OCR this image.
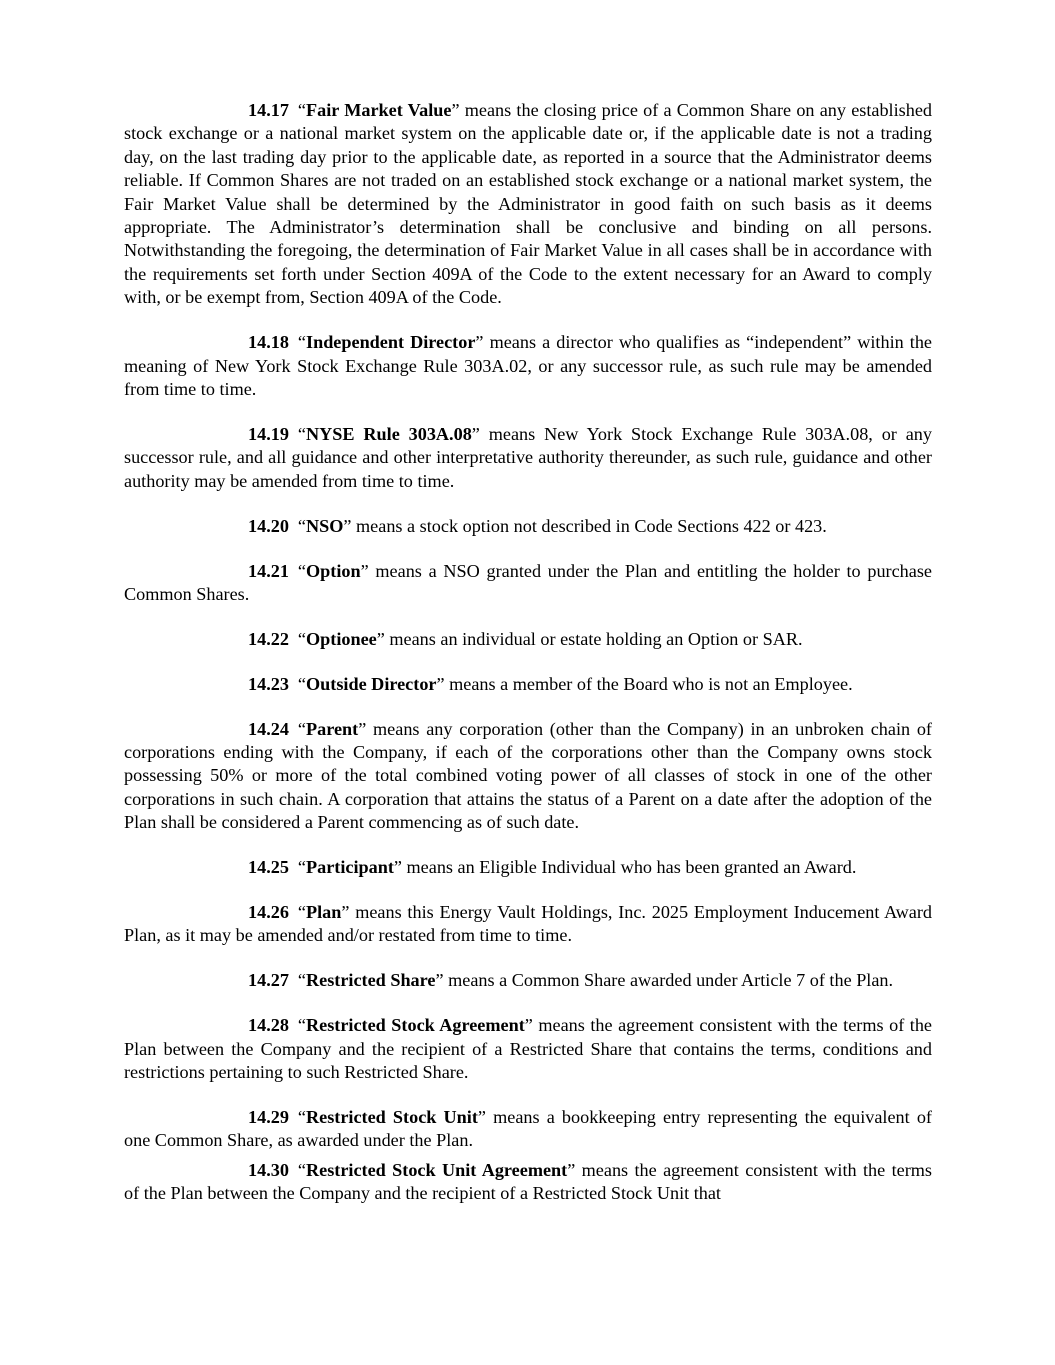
14.17 “Fair Market Value” means the closing price of a Common Share on any established stock exchange or a national market system on the applicable date or, if the applicable date is not a trading day, on the last trading day prior to the applicable date, as reported in a source that the Administrator deems reliable. If Common Shares are not traded on an established stock exchange or a national market system, the Fair Market Value shall be determined by the Administrator in good faith on such basis as it deems appropriate. The Administrator’s determination shall be conclusive and binding on all persons. Notwithstanding the foregoing, the determination of Fair Market Value in all cases shall be in accordance with the requirements set forth under Section 409A of the Code to the extent necessary for an Award to comply with, or be exempt from, Section 409A of the Code.

14.18 “Independent Director” means a director who qualifies as “independent” within the meaning of New York Stock Exchange Rule 303A.02, or any successor rule, as such rule may be amended from time to time.

14.19 “NYSE Rule 303A.08” means New York Stock Exchange Rule 303A.08, or any successor rule, and all guidance and other interpretative authority thereunder, as such rule, guidance and other authority may be amended from time to time.

14.20 “NSO” means a stock option not described in Code Sections 422 or 423.

14.21 “Option” means a NSO granted under the Plan and entitling the holder to purchase Common Shares.

14.22 “Optionee” means an individual or estate holding an Option or SAR.

14.23 “Outside Director” means a member of the Board who is not an Employee.

14.24 “Parent” means any corporation (other than the Company) in an unbroken chain of corporations ending with the Company, if each of the corporations other than the Company owns stock possessing 50% or more of the total combined voting power of all classes of stock in one of the other corporations in such chain. A corporation that attains the status of a Parent on a date after the adoption of the Plan shall be considered a Parent commencing as of such date.

14.25 “Participant” means an Eligible Individual who has been granted an Award.

14.26 “Plan” means this Energy Vault Holdings, Inc. 2025 Employment Inducement Award Plan, as it may be amended and/or restated from time to time.

14.27 “Restricted Share” means a Common Share awarded under Article 7 of the Plan.

14.28 “Restricted Stock Agreement” means the agreement consistent with the terms of the Plan between the Company and the recipient of a Restricted Share that contains the terms, conditions and restrictions pertaining to such Restricted Share.

14.29 “Restricted Stock Unit” means a bookkeeping entry representing the equivalent of one Common Share, as awarded under the Plan.

14.30 “Restricted Stock Unit Agreement” means the agreement consistent with the terms of the Plan between the Company and the recipient of a Restricted Stock Unit that
